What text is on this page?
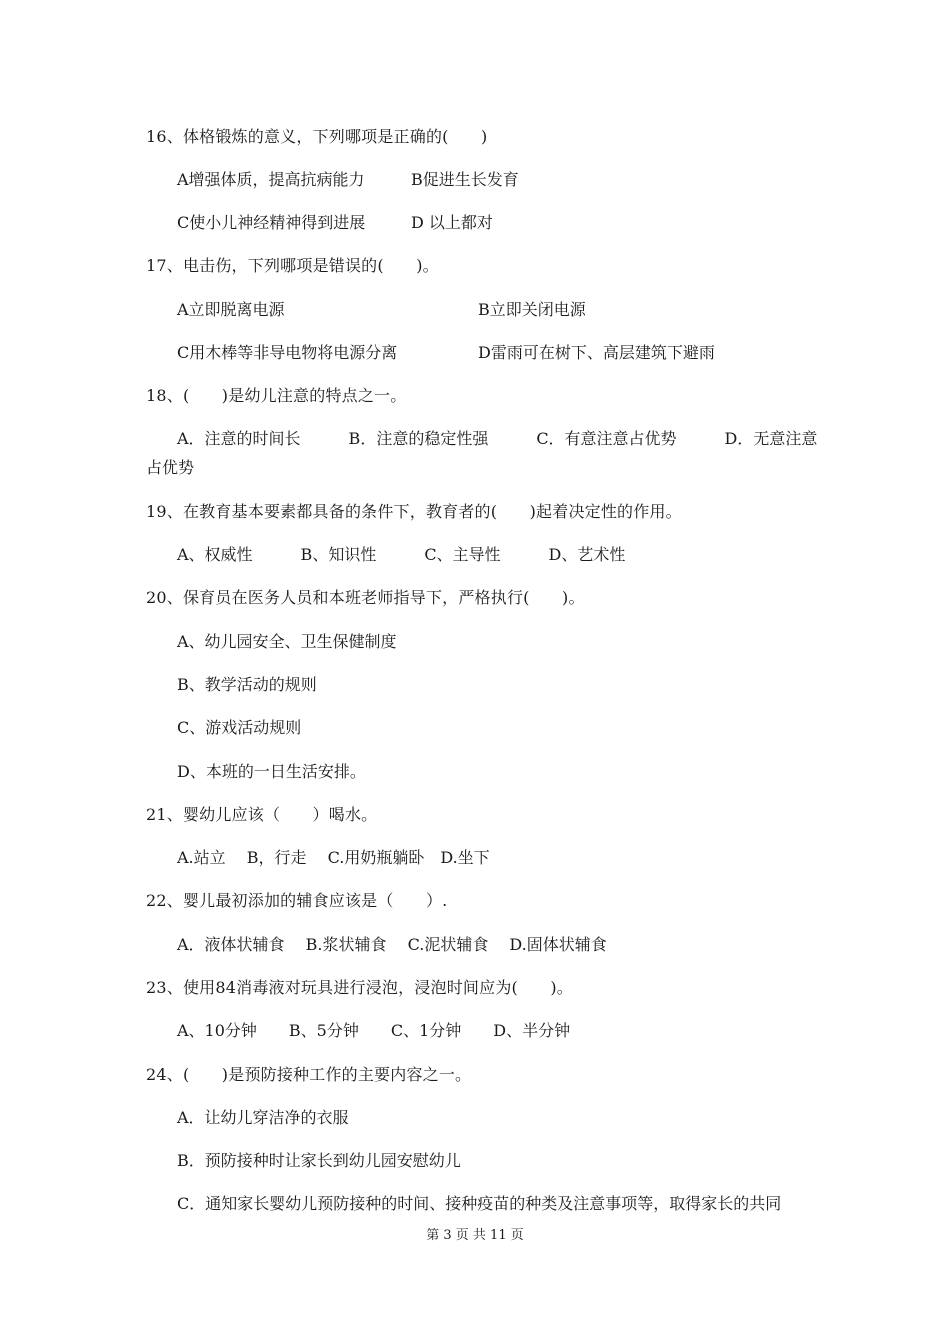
16、体格锻炼的意义，下列哪项是正确的(　　)
A增强体质，提高抗病能力	B促进生长发育
C使小儿神经精神得到进展	D 以上都对
17、电击伤，下列哪项是错误的(　　)。
A立即脱离电源	B立即关闭电源
C用木棒等非导电物将电源分离	D雷雨可在树下、高层建筑下避雨
18、(　　)是幼儿注意的特点之一。
A．注意的时间长　　　B．注意的稳定性强　　　C．有意注意占优势　　　D．无意注意
占优势
19、在教育基本要素都具备的条件下，教育者的(　　)起着决定性的作用。
A、权威性　　　B、知识性　　　C、主导性　　　D、艺术性
20、保育员在医务人员和本班老师指导下，严格执行(　　)。
A、幼儿园安全、卫生保健制度
B、教学活动的规则
C、游戏活动规则
D、本班的一日生活安排。
21、婴幼儿应该（　　）喝水。
A.站立　 B，行走　 C.用奶瓶躺卧　D.坐下
22、婴儿最初添加的辅食应该是（　　）.
A．液体状辅食　 B.浆状辅食　 C.泥状辅食　 D.固体状辅食
23、使用84消毒液对玩具进行浸泡，浸泡时间应为(　　)。
A、10分钟　　B、5分钟　　C、1分钟　　D、半分钟
24、(　　)是预防接种工作的主要内容之一。
A．让幼儿穿洁净的衣服
B．预防接种时让家长到幼儿园安慰幼儿
C．通知家长婴幼儿预防接种的时间、接种疫苗的种类及注意事项等，取得家长的共同
第 3 页 共 11 页
